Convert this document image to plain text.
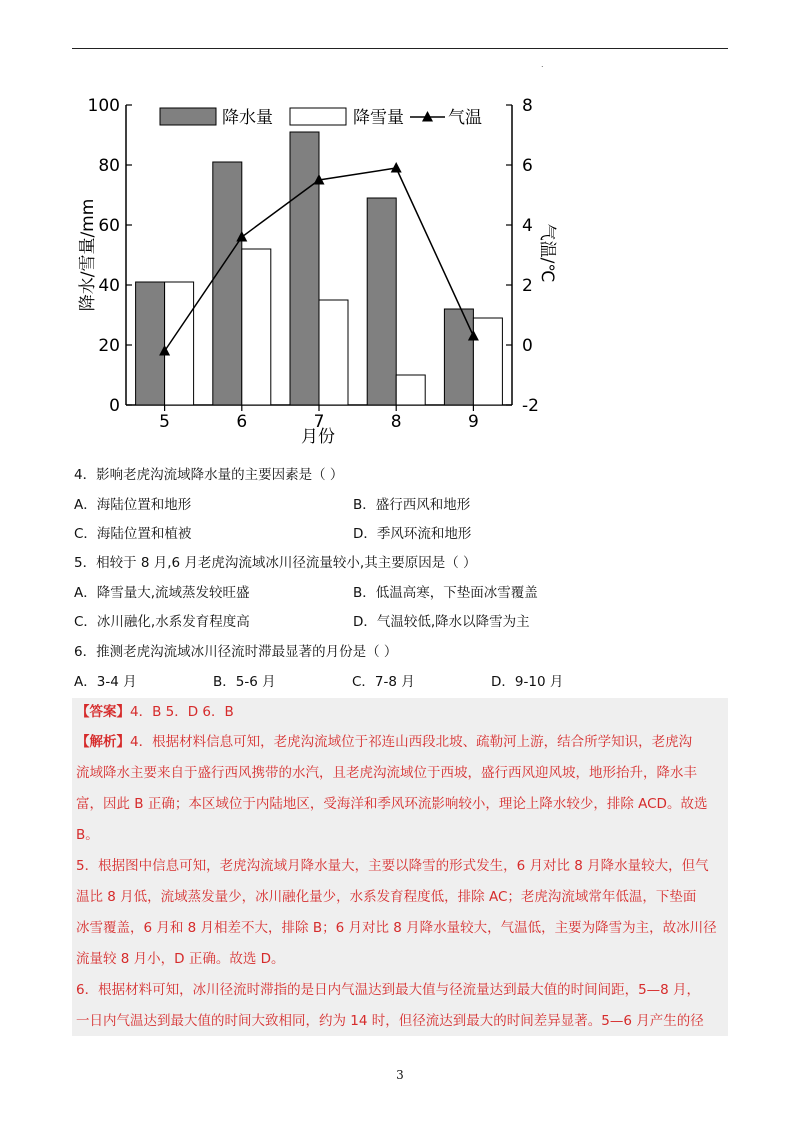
.
0
20
40
60
80
100
-2
0
2
4
6
8
5	6	7	8	9
月份
降水/雪量/mm	气温/℃
降水量	降雪量	气温
4．影响老虎沟流域降水量的主要因素是（ ）
A．海陆位置和地形	B．盛行西风和地形
C．海陆位置和植被	D．季风环流和地形
5．相较于 8 月,6 月老虎沟流域冰川径流量较小,其主要原因是（ ）
A．降雪量大,流域蒸发较旺盛	B．低温高寒，下垫面冰雪覆盖
C．冰川融化,水系发育程度高	D．气温较低,降水以降雪为主
6．推测老虎沟流域冰川径流时滞最显著的月份是（ ）
A．3-4 月	B．5-6 月	C．7-8 月	D．9-10 月
【答案】4．B 5．D 6．B
【解析】4．根据材料信息可知，老虎沟流域位于祁连山西段北坡、疏勒河上游，结合所学知识，老虎沟
流域降水主要来自于盛行西风携带的水汽，且老虎沟流域位于西坡，盛行西风迎风坡，地形抬升，降水丰
富，因此 B 正确；本区域位于内陆地区，受海洋和季风环流影响较小，理论上降水较少，排除 ACD。故选
B。
5．根据图中信息可知，老虎沟流域月降水量大，主要以降雪的形式发生，6 月对比 8 月降水量较大，但气
温比 8 月低，流域蒸发量少，冰川融化量少，水系发育程度低，排除 AC；老虎沟流域常年低温，下垫面
冰雪覆盖，6 月和 8 月相差不大，排除 B；6 月对比 8 月降水量较大，气温低，主要为降雪为主，故冰川径
流量较 8 月小，D 正确。故选 D。
6．根据材料可知，冰川径流时滞指的是日内气温达到最大值与径流量达到最大值的时间间距，5—8 月，
一日内气温达到最大值的时间大致相同，约为 14 时，但径流达到最大的时间差异显著。5—6 月产生的径
3
